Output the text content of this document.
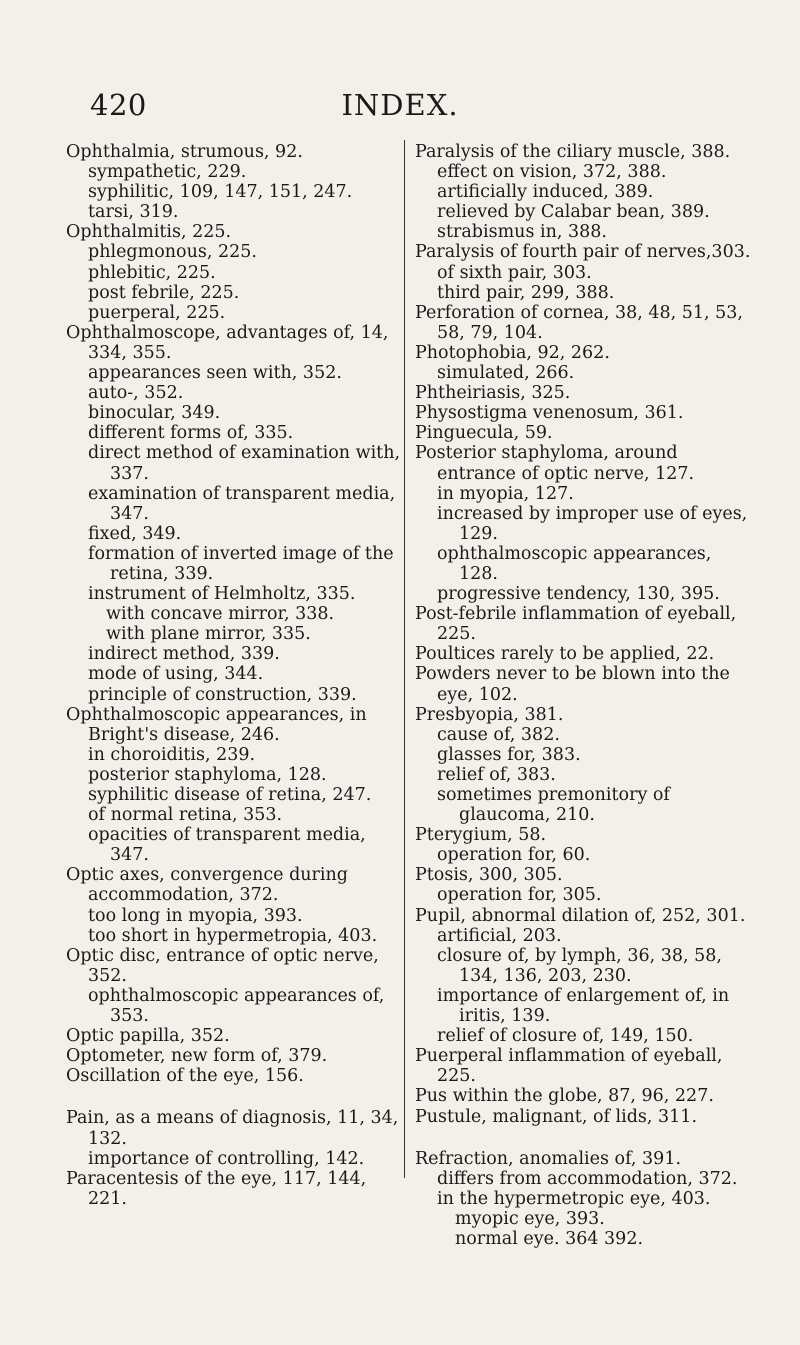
420	INDEX.
Ophthalmia, strumous, 92.
sympathetic, 229.
syphilitic, 109, 147, 151, 247.
tarsi, 319.
Ophthalmitis, 225.
phlegmonous, 225.
phlebitic, 225.
post febrile, 225.
puerperal, 225.
Ophthalmoscope, advantages of, 14, 334, 355.
appearances seen with, 352.
auto-, 352.
binocular, 349.
different forms of, 335.
direct method of examination with, 337.
examination of transparent media, 347.
fixed, 349.
formation of inverted image of the retina, 339.
instrument of Helmholtz, 335.
with concave mirror, 338.
with plane mirror, 335.
indirect method, 339.
mode of using, 344.
principle of construction, 339.
Ophthalmoscopic appearances, in Bright's disease, 246.
in choroiditis, 239.
posterior staphyloma, 128.
syphilitic disease of retina, 247.
of normal retina, 353.
opacities of transparent media, 347.
Optic axes, convergence during accommodation, 372.
too long in myopia, 393.
too short in hypermetropia, 403.
Optic disc, entrance of optic nerve, 352.
ophthalmoscopic appearances of, 353.
Optic papilla, 352.
Optometer, new form of, 379.
Oscillation of the eye, 156.
Pain, as a means of diagnosis, 11, 34, 132.
importance of controlling, 142.
Paracentesis of the eye, 117, 144, 221.
Paralysis of the ciliary muscle, 388.
effect on vision, 372, 388.
artificially induced, 389.
relieved by Calabar bean, 389.
strabismus in, 388.
Paralysis of fourth pair of nerves,303.
of sixth pair, 303.
third pair, 299, 388.
Perforation of cornea, 38, 48, 51, 53, 58, 79, 104.
Photophobia, 92, 262.
simulated, 266.
Phtheiriasis, 325.
Physostigma venenosum, 361.
Pinguecula, 59.
Posterior staphyloma, around entrance of optic nerve, 127.
in myopia, 127.
increased by improper use of eyes, 129.
ophthalmoscopic appearances, 128.
progressive tendency, 130, 395.
Post-febrile inflammation of eyeball, 225.
Poultices rarely to be applied, 22.
Powders never to be blown into the eye, 102.
Presbyopia, 381.
cause of, 382.
glasses for, 383.
relief of, 383.
sometimes premonitory of glaucoma, 210.
Pterygium, 58.
operation for, 60.
Ptosis, 300, 305.
operation for, 305.
Pupil, abnormal dilation of, 252, 301.
artificial, 203.
closure of, by lymph, 36, 38, 58, 134, 136, 203, 230.
importance of enlargement of, in iritis, 139.
relief of closure of, 149, 150.
Puerperal inflammation of eyeball, 225.
Pus within the globe, 87, 96, 227.
Pustule, malignant, of lids, 311.
Refraction, anomalies of, 391.
differs from accommodation, 372.
in the hypermetropic eye, 403.
myopic eye, 393.
normal eye. 364 392.
